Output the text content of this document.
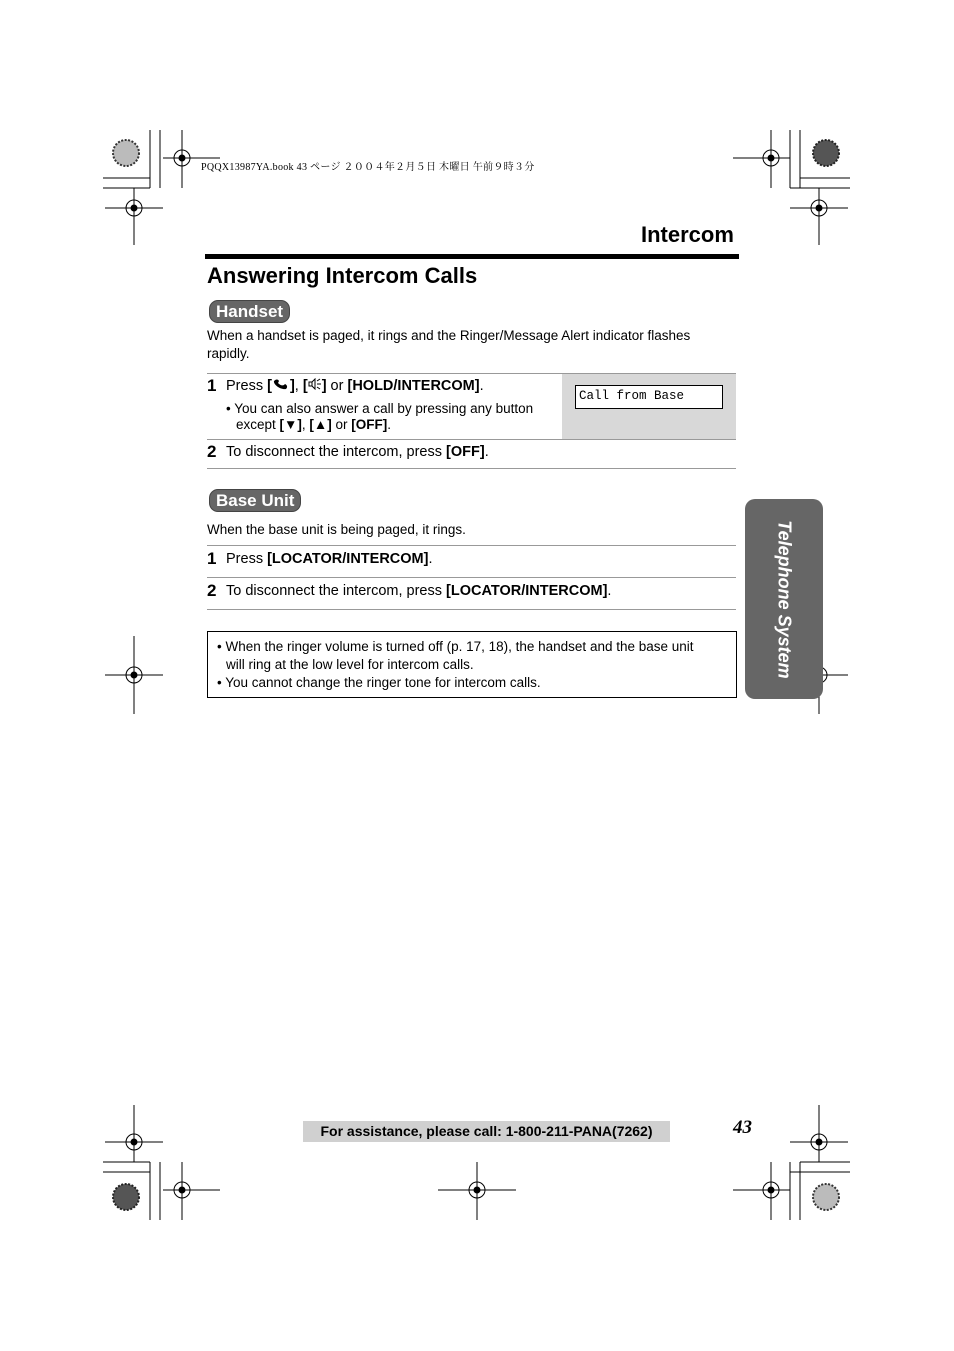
PQQX13987YA.book 43 ページ ２００４年２月５日 木曜日 午前９時３分
Intercom
Answering Intercom Calls
Handset
When a handset is paged, it rings and the Ringer/Message Alert indicator flashes rapidly.
Call from Base
1 Press [ ], [ ] or [HOLD/INTERCOM].
• You can also answer a call by pressing any button
except [▼], [▲] or [OFF].
2 To disconnect the intercom, press [OFF].
Base Unit
When the base unit is being paged, it rings.
1 Press [LOCATOR/INTERCOM].
2 To disconnect the intercom, press [LOCATOR/INTERCOM].
• When the ringer volume is turned off (p. 17, 18), the handset and the base unit
will ring at the low level for intercom calls.
• You cannot change the ringer tone for intercom calls.
Telephone System
For assistance, please call: 1-800-211-PANA(7262)	43
